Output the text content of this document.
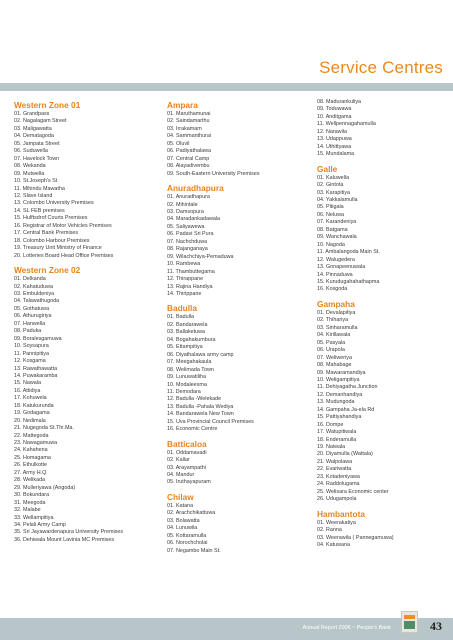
Service Centres
Western Zone 01
01. Grandpass
02. Nagalagam Street
03. Maligawatta
04. Dematagoda
05. Jampata Street
06. Suduwella
07. Havelock Town
08. Wekanda
09. Mutwella
10. St.Joseph's St
11. Mihindu Mawatha
12. Slave Island
13. Colombo University Premises
14. SL FEB premises
15. Hulftsdrof Courts Premises
16. Registrar of Motor Vehicles Premises
17. Central Bank Premises
18. Colombo Harbour Premises
19. Treasury Unit Ministry of Finance
20. Lotteries Board Head Office Premises
Western Zone 02
01. Delkanda
02. Kahatuduwa
03. Embuldeniya
04. Talawathugoda
05. Gothatuwa
06. Athurugiriya
07. Hanwella
08. Paduka
09. Boralesgamuwa
10. Soysapura
11. Pannipitiya
12. Kosgama
13. Rawathawatta
14. Puwakaramba
15. Nawala
16. Attidiya
17. Kohuwela
18. Katukurunda
19. Godagama
20. Nedimala
21. Nugegoda St.Thi.Ma.
22. Mattegoda
23. Nawagamuwa
24. Kahahena
25. Homagama
26. Ethulkotte
27. Army H.Q
28. Welikada
29. Mulleriyawa (Angoda)
30. Bokundara
31. Meegoda
32. Malabe
33. Wellampitiya
34. Pelali Army Camp
35. Sri Jayawardenapura University Premises
36. Dehiwala Mount Lavinia MC Premises
Ampara
01. Maruthamunai
02. Saindamarthu
03. Irrakamam
04. Sammanthurai
05. Oluvil
06. Padiyathalawa
07. Central Camp
08. Alayadivembu
09. South-Eastern University Premises
Anuradhapura
01. Anuradhapura
02. Mihintale
03. Damsopura
04. Maradankadawala
05. Saliyawewa
06. Padavi Sri Pura
07. Nachchduwa
08. Rajanganaya
09. Wilachchiya-Pemaduwa
10. Rambewa
11. Thambuttegama
12. Thirappane
13. Rajina Handiya
14. Thirippane
Badulla
01. Badulla
02. Bandarawela
03. Ballaketuwa
04. Bogahakumbura
05. Ettampitiya
06. Diyathalawa army camp
07. Meegahakaula
08. Welimada Town
09. Lunuwatiliha
10. Modaleesma
11. Demodara
12. Badulla -Welekade
13. Badulla -Pahala Wediya
14. Bandarawela New Town
15. Uva Provincial Council Premises
16. Economic Centre
Batticaloa
01. Oddamavadi
02. Kallar
03. Arayampathi
04. Mandur
05. Iruthayapuram
Chilaw
01. Katana
02. Arachchikattuwa
03. Bolawatta
04. Lunuwila
05. Kottaramulla
06. Norochcholai
07. Negambo Main St.
08. Madurankuliya
09. Toduwawa
10. Anditgama
11. Wellpennagahamulla
12. Narawila
13. Udappuwa
14. Uthittyawa
15. Mundalama
Galle
01. Kaluwella
02. Gintota
03. Karapitiya
04. Yakkalamulla
05. Pitigala
06. Neluwa
07. Karandeniya
08. Batgama
09. Wanchawala
10. Nagoda
11. Ambalangoda Main St.
12. Walugedera
13. Gonapeenuwala
14. Pinnaduwa
15. Kurudugahahathapma
16. Kosgoda
Gampaha
01. Devalapitiya
02. Thihariya
03. Sinharamulla
04. Kirillawala
05. Pasyala
06. Urapola
07. Weliweriya
08. Mahabage
09. Mawaramandiya
10. Weligampitiya
11. Dehiyagatha Junction
12. Demanhandiya
13. Mudungoda
14. Gampaha Ja-ela Rd
15. Pattiyahandiya
16. Dompe
17. Watupitiwala
18. Enderamulla
19. Naiwala
20. Diyamulla (Wattala)
21. Walpolawa
22. Evariwatta
23. Kotadeniyawa
24. Raddolugama
25. Welisara Economic center
26. Udugampola
Hambantota
01. Weerakatiya
02. Ranna
03. Weerawila ( Pannegamuwa)
04. Katuwana
Annual Report 2006 ~ People's Bank	43
